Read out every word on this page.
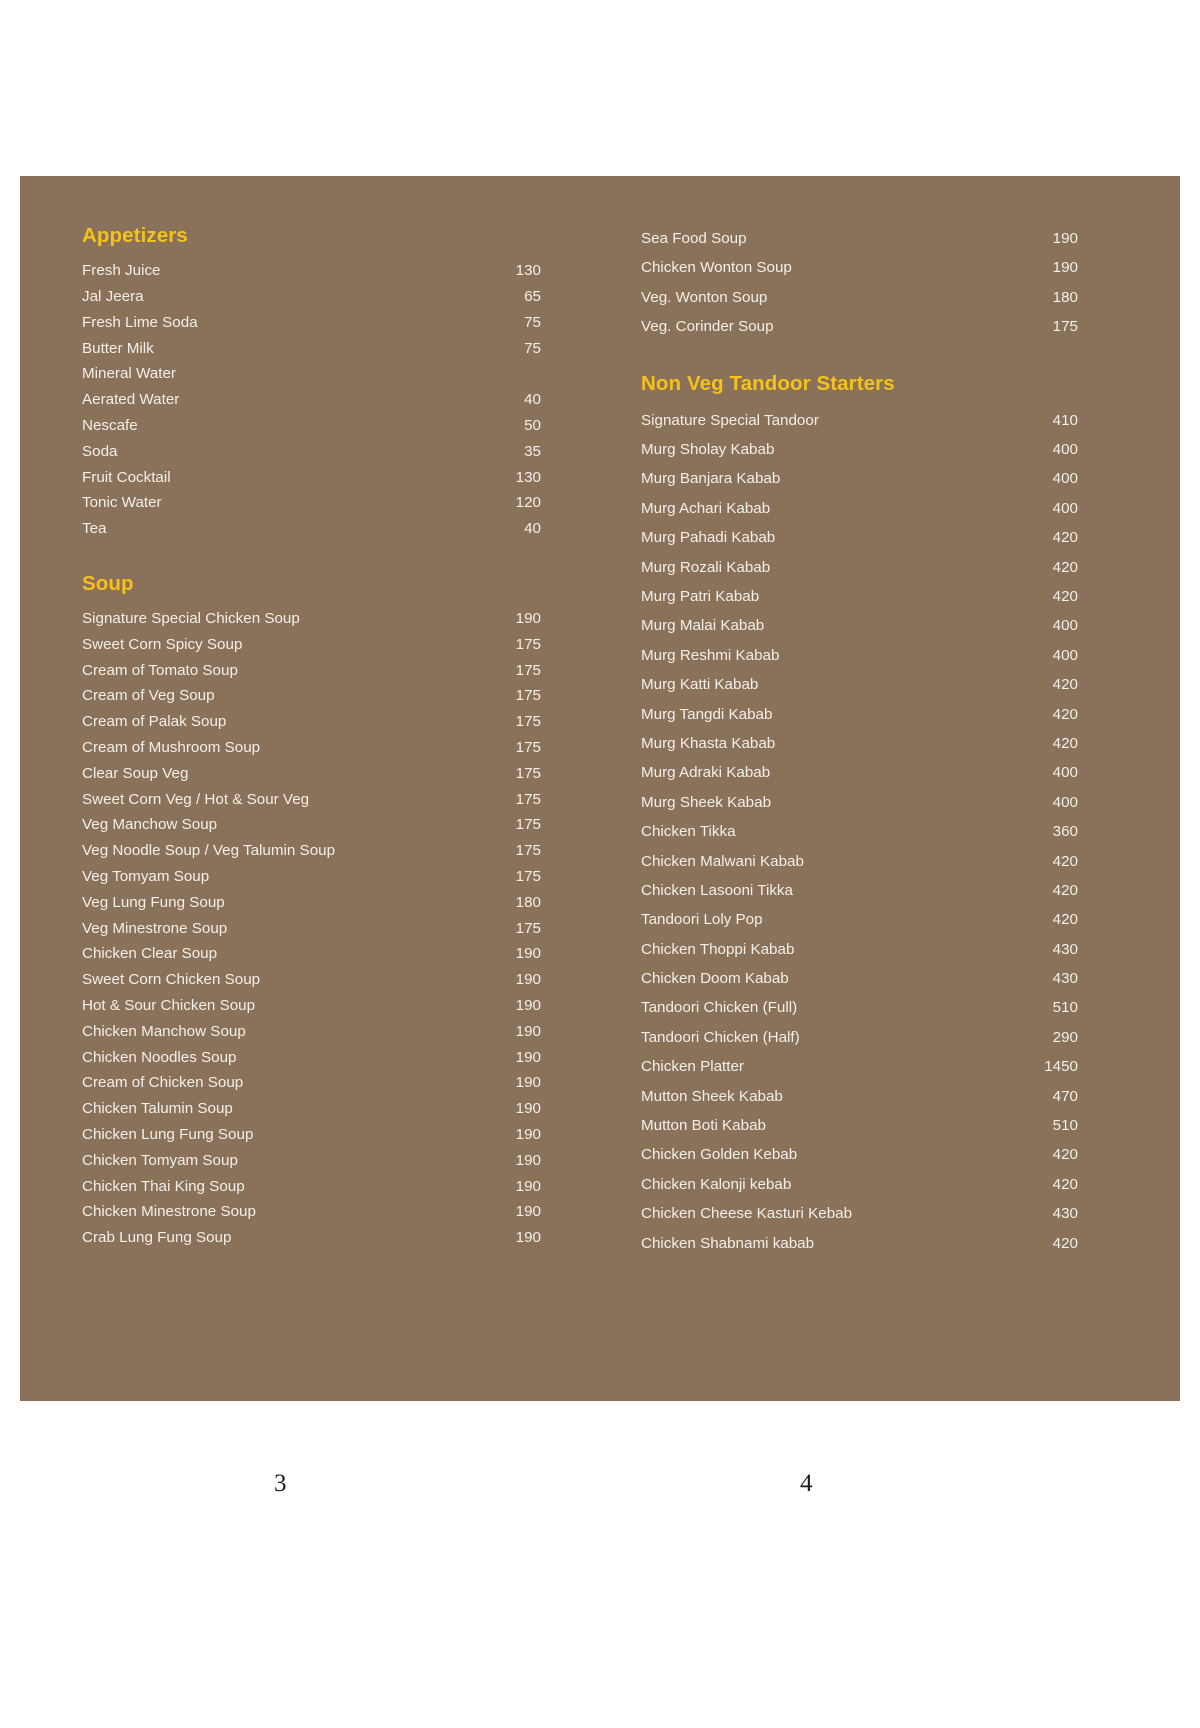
Appetizers
Fresh Juice	130
Jal Jeera	65
Fresh Lime Soda	75
Butter Milk	75
Mineral Water
Aerated Water	40
Nescafe	50
Soda	35
Fruit Cocktail	130
Tonic Water	120
Tea	40
Soup
Signature Special Chicken Soup	190
Sweet Corn Spicy Soup	175
Cream of Tomato Soup	175
Cream of Veg Soup	175
Cream of Palak Soup	175
Cream of Mushroom Soup	175
Clear Soup Veg	175
Sweet Corn Veg / Hot & Sour Veg	175
Veg Manchow Soup	175
Veg Noodle Soup / Veg Talumin Soup	175
Veg Tomyam Soup	175
Veg Lung Fung Soup	180
Veg Minestrone Soup	175
Chicken Clear Soup	190
Sweet Corn Chicken Soup	190
Hot & Sour Chicken Soup	190
Chicken Manchow Soup	190
Chicken Noodles Soup	190
Cream of Chicken Soup	190
Chicken Talumin Soup	190
Chicken Lung Fung Soup	190
Chicken Tomyam Soup	190
Chicken Thai King Soup	190
Chicken Minestrone Soup	190
Crab Lung Fung Soup	190
Sea Food Soup	190
Chicken Wonton Soup	190
Veg. Wonton Soup	180
Veg. Corinder Soup	175
Non Veg Tandoor Starters
Signature Special Tandoor	410
Murg Sholay Kabab	400
Murg Banjara Kabab	400
Murg Achari Kabab	400
Murg Pahadi Kabab	420
Murg Rozali Kabab	420
Murg Patri Kabab	420
Murg Malai Kabab	400
Murg Reshmi Kabab	400
Murg Katti Kabab	420
Murg Tangdi Kabab	420
Murg Khasta Kabab	420
Murg Adraki Kabab	400
Murg Sheek Kabab	400
Chicken Tikka	360
Chicken Malwani Kabab	420
Chicken Lasooni Tikka	420
Tandoori Loly Pop	420
Chicken Thoppi Kabab	430
Chicken Doom Kabab	430
Tandoori Chicken (Full)	510
Tandoori Chicken (Half)	290
Chicken Platter	1450
Mutton Sheek Kabab	470
Mutton Boti Kabab	510
Chicken Golden Kebab	420
Chicken Kalonji kebab	420
Chicken Cheese Kasturi Kebab	430
Chicken Shabnami kabab	420
3	4
